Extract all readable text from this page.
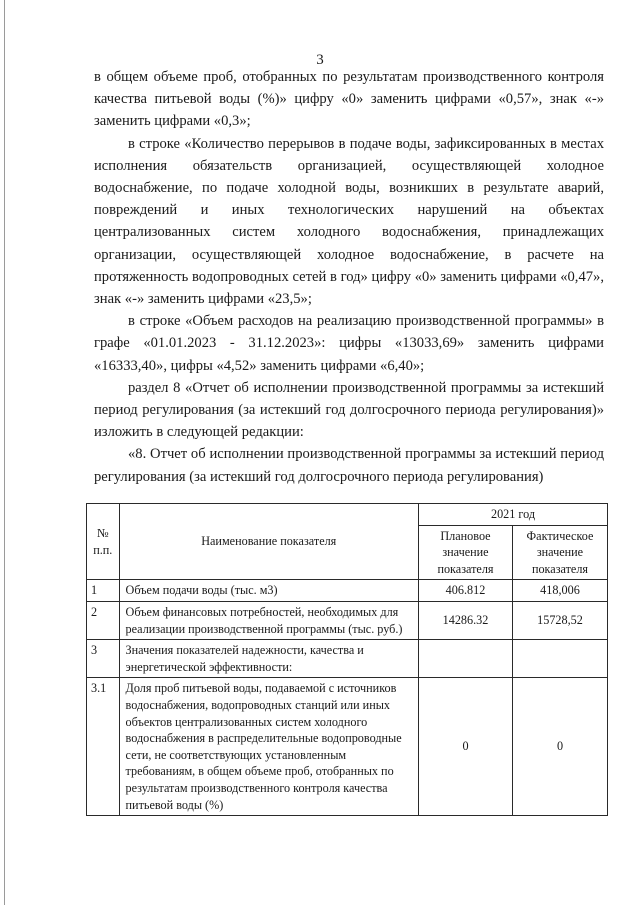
3

в общем объеме проб, отобранных по результатам производственного контроля качества питьевой воды (%)» цифру «0» заменить цифрами «0,57», знак «-» заменить цифрами «0,3»;

в строке «Количество перерывов в подаче воды, зафиксированных в местах исполнения обязательств организацией, осуществляющей холодное водоснабжение, по подаче холодной воды, возникших в результате аварий, повреждений и иных технологических нарушений на объектах централизованных систем холодного водоснабжения, принадлежащих организации, осуществляющей холодное водоснабжение, в расчете на протяженность водопроводных сетей в год» цифру «0» заменить цифрами «0,47», знак «-» заменить цифрами «23,5»;

в строке «Объем расходов на реализацию производственной программы» в графе «01.01.2023 - 31.12.2023»: цифры «13033,69» заменить цифрами «16333,40», цифры «4,52» заменить цифрами «6,40»;

раздел 8 «Отчет об исполнении производственной программы за истекший период регулирования (за истекший год долгосрочного периода регулирования)» изложить в следующей редакции:

«8. Отчет об исполнении производственной программы за истекший период регулирования (за истекший год долгосрочного периода регулирования)

№ п.п.	Наименование показателя	2021 год	
		Плановое значение показателя	Фактическое значение показателя
1	Объем подачи воды (тыс. м3)	406.812	418,006
2	Объем финансовых потребностей, необходимых для реализации производственной программы (тыс. руб.)	14286.32	15728,52
3	Значения показателей надежности, качества и энергетической эффективности:		
3.1	Доля проб питьевой воды, подаваемой с источников водоснабжения, водопроводных станций или иных объектов централизованных систем холодного водоснабжения в распределительные водопроводные сети, не соответствующих установленным требованиям, в общем объеме проб, отобранных по результатам производственного контроля качества питьевой воды (%)	0	0
